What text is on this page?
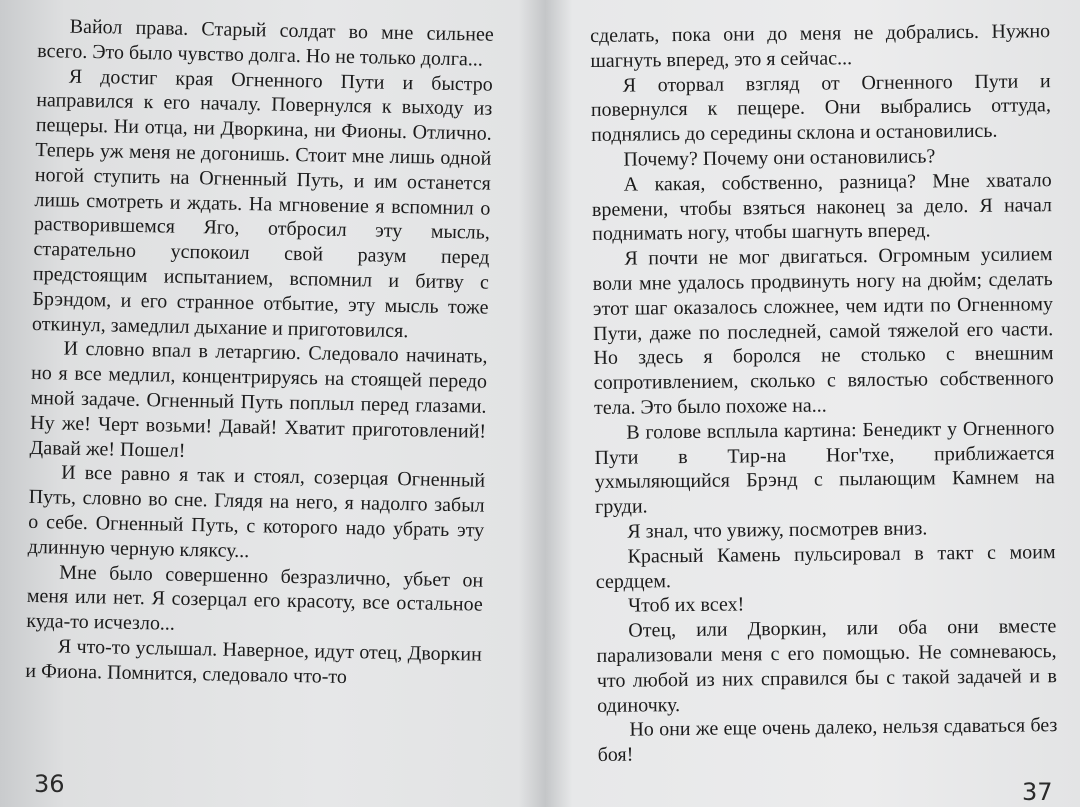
Вайол права. Старый солдат во мне сильнее всего. Это было чувство долга. Но не только долга...

Я достиг края Огненного Пути и быстро направился к его началу. Повернулся к выходу из пещеры. Ни отца, ни Дворкина, ни Фионы. Отлично. Теперь уж меня не догонишь. Стоит мне лишь одной ногой ступить на Огненный Путь, и им останется лишь смотреть и ждать. На мгновение я вспомнил о растворившемся Яго, отбросил эту мысль, старательно успокоил свой разум перед предстоящим испытанием, вспомнил и битву с Брэндом, и его странное отбытие, эту мысль тоже откинул, замедлил дыхание и приготовился.

И словно впал в летаргию. Следовало начинать, но я все медлил, концентрируясь на стоящей передо мной задаче. Огненный Путь поплыл перед глазами. Ну же! Черт возьми! Давай! Хватит приготовлений! Давай же! Пошел!

И все равно я так и стоял, созерцая Огненный Путь, словно во сне. Глядя на него, я надолго забыл о себе. Огненный Путь, с которого надо убрать эту длинную черную кляксу...

Мне было совершенно безразлично, убьет он меня или нет. Я созерцал его красоту, все остальное куда-то исчезло...

Я что-то услышал. Наверное, идут отец, Дворкин и Фиона. Помнится, следовало что-то

36

сделать, пока они до меня не добрались. Нужно шагнуть вперед, это я сейчас...

Я оторвал взгляд от Огненного Пути и повернулся к пещере. Они выбрались оттуда, поднялись до середины склона и остановились.

Почему? Почему они остановились?

А какая, собственно, разница? Мне хватало времени, чтобы взяться наконец за дело. Я начал поднимать ногу, чтобы шагнуть вперед.

Я почти не мог двигаться. Огромным усилием воли мне удалось продвинуть ногу на дюйм; сделать этот шаг оказалось сложнее, чем идти по Огненному Пути, даже по последней, самой тяжелой его части. Но здесь я боролся не столько с внешним сопротивлением, сколько с вялостью собственного тела. Это было похоже на...

В голове всплыла картина: Бенедикт у Огненного Пути в Тир-на Ног'тхе, приближается ухмыляющийся Брэнд с пылающим Камнем на груди.

Я знал, что увижу, посмотрев вниз.

Красный Камень пульсировал в такт с моим сердцем.

Чтоб их всех!

Отец, или Дворкин, или оба они вместе парализовали меня с его помощью. Не сомневаюсь, что любой из них справился бы с такой задачей и в одиночку.

Но они же еще очень далеко, нельзя сдаваться без боя!

37
